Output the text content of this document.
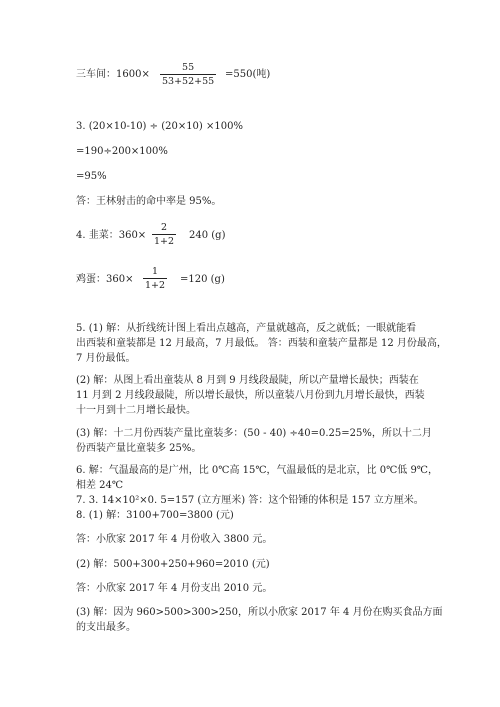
三车间：$1600\times \frac{55}{53+52+55} =550$(吨)
3. (20×10-10) ÷ (20×10) ×100%
=190÷200×100%
=95%
答：王林射击的命中率是 95%。
4. 韭菜：$360\times \frac{2}{1+2} 240$ (g)
鸡蛋：$360\times \frac{1}{1+2} =120$ (g)
5. (1) 解：从折线统计图上看出点越高，产量就越高，反之就低；一眼就能看
出西装和童装都是 12 月最高，7 月最低。 答：西装和童装产量都是 12 月份最高，
7 月份最低。
(2) 解：从图上看出童装从 8 月到 9 月线段最陡，所以产量增长最快；西装在
11 月到 2 月线段最陡，所以增长最快，所以童装八月份到九月增长最快，西装
十一月到十二月增长最快。
(3) 解：十二月份西装产量比童装多：(50 - 40) ÷40=0.25=25%，所以十二月
份西装产量比童装多 25%。
6. 解：气温最高的是广州，比 0℃高 15℃，气温最低的是北京，比 0℃低 9℃，
相差 24℃
7. 3. 14×10²×0. 5=157 (立方厘米) 答：这个铅锤的体积是 157 立方厘米。
8. (1) 解：3100+700=3800 (元)
答：小欣家 2017 年 4 月份收入 3800 元。
(2) 解：500+300+250+960=2010 (元)
答：小欣家 2017 年 4 月份支出 2010 元。
(3) 解：因为 960>500>300>250，所以小欣家 2017 年 4 月份在购买食品方面
的支出最多。
